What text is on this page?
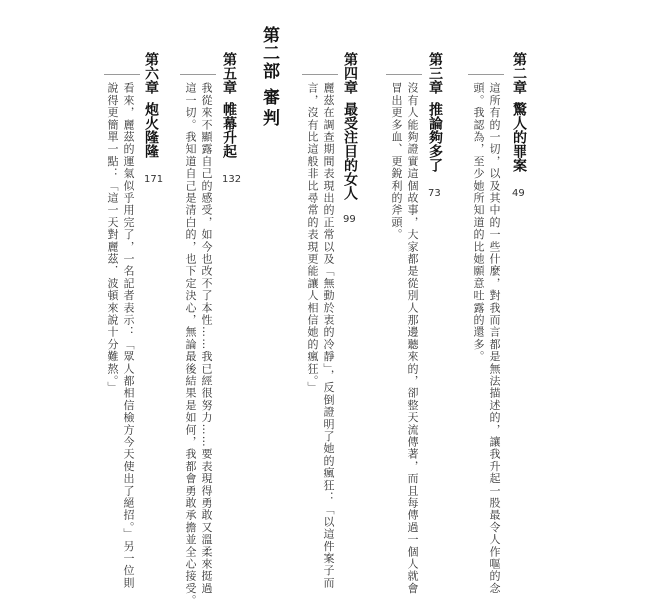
第二章
驚人的罪案
49
這所有的一切，以及其中的一些什麼，對我而言都是無法描述的，讓我升起一股最令人作嘔的念
頭。我認為，至少她所知道的比她願意吐露的還多。
第三章
推論夠多了
73
沒有人能夠證實這個故事，大家都是從別人那邊聽來的，卻整天流傳著，而且每傳過一個人就會
冒出更多血、更銳利的斧頭。
第四章
最受注目的女人
99
麗茲在調查期間表現出的正常以及「無動於衷的冷靜」，反倒證明了她的瘋狂：「以這件案子而
言，沒有比這般非比尋常的表現更能讓人相信她的瘋狂。」
第二部
審判
第五章
帷幕升起
132
我從來不顯露自己的感受，如今也改不了本性……我已經很努力……要表現得勇敢又溫柔來挺過
這一切。我知道自己是清白的，也下定決心，無論最後結果是如何，我都會勇敢承擔並全心接受。
第六章
炮火隆隆
171
看來，麗茲的運氣似乎用完了，一名記者表示：「眾人都相信檢方今天使出了絕招。」另一位則
說得更簡單一點：「這一天對麗茲．波頓來說十分難熬。」
